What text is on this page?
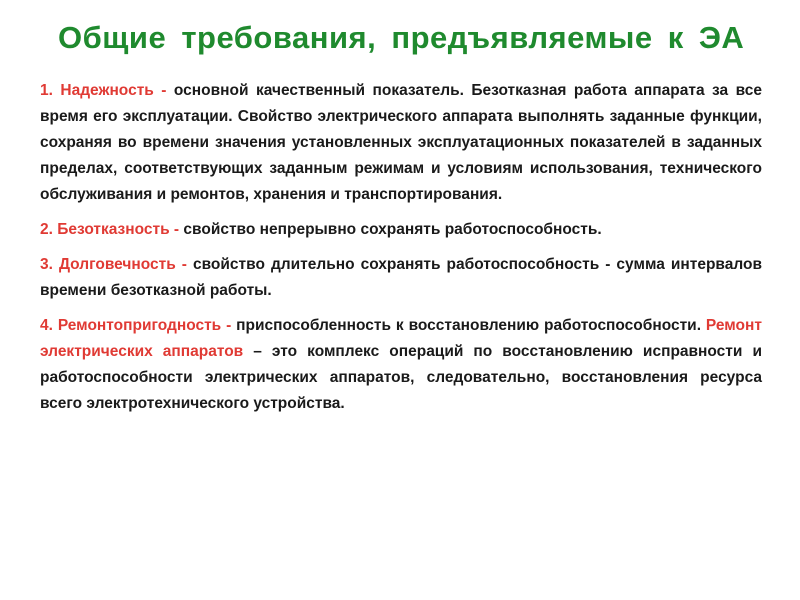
Общие требования, предъявляемые к ЭА

1. Надежность - основной качественный показатель. Безотказная работа аппарата за все время его эксплуатации. Свойство электрического аппарата выполнять заданные функции, сохраняя во времени значения установленных эксплуатационных показателей в заданных пределах, соответствующих заданным режимам и условиям использования, технического обслуживания и ремонтов, хранения и транспортирования.

2. Безотказность - свойство непрерывно сохранять работоспособность.

3. Долговечность - свойство длительно сохранять работоспособность - сумма интервалов времени безотказной работы.

4. Ремонтопригодность - приспособленность к восстановлению работоспособности. Ремонт электрических аппаратов – это комплекс операций по восстановлению исправности и работоспособности электрических аппаратов, следовательно, восстановления ресурса всего электротехнического устройства.
